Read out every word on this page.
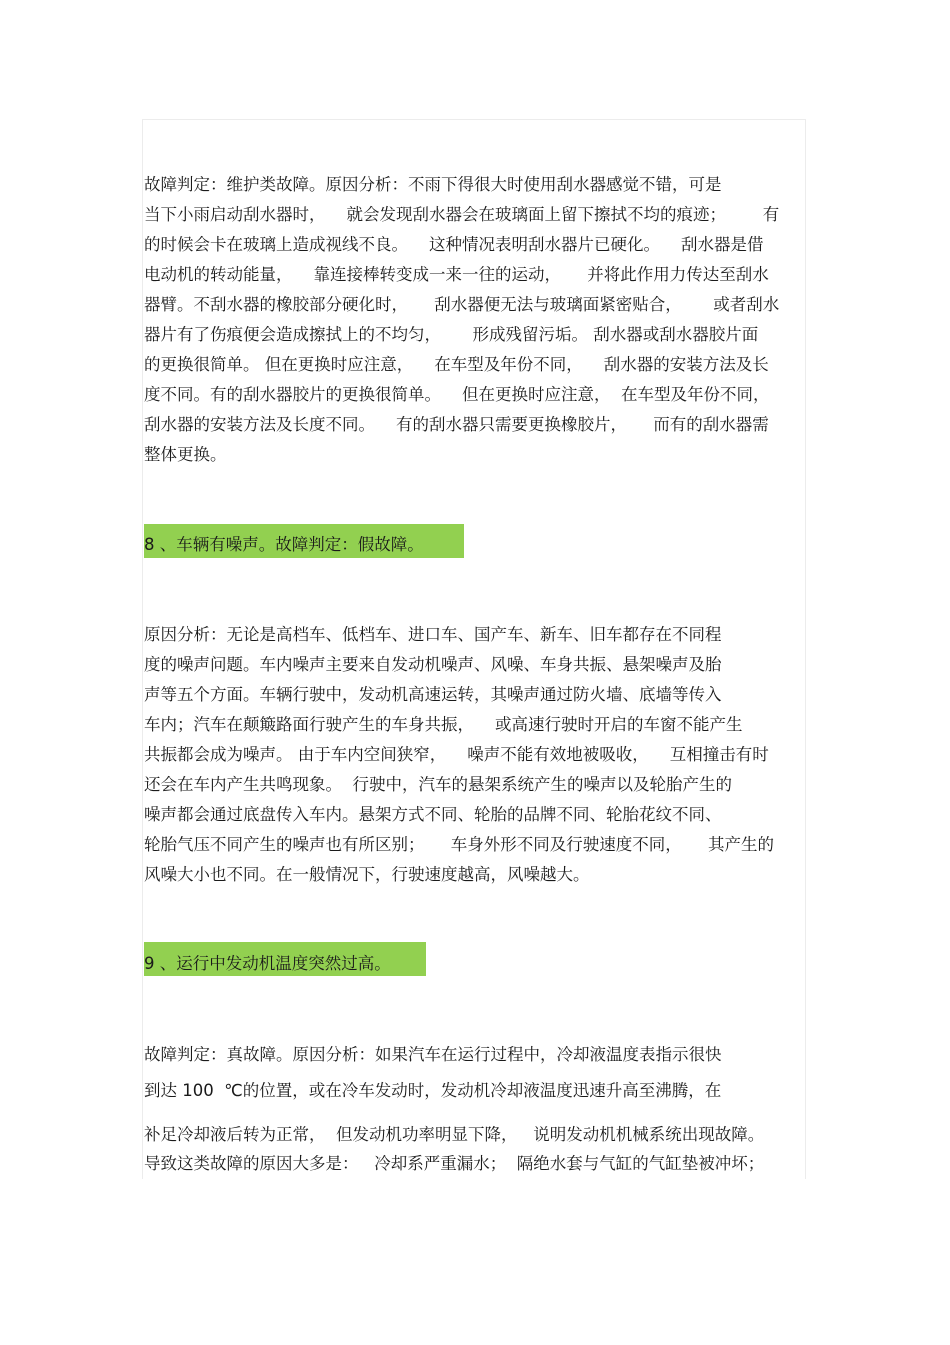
故障判定：维护类故障。原因分析：不雨下得很大时使用刮水器感觉不错，可是
当下小雨启动刮水器时，    就会发现刮水器会在玻璃面上留下擦拭不均的痕迹；       有
的时候会卡在玻璃上造成视线不良。    这种情况表明刮水器片已硬化。    刮水器是借
电动机的转动能量，    靠连接棒转变成一来一往的运动，     并将此作用力传达至刮水
器臂。不刮水器的橡胶部分硬化时，     刮水器便无法与玻璃面紧密贴合，      或者刮水
器片有了伤痕便会造成擦拭上的不均匀，      形成残留污垢。 刮水器或刮水器胶片面
的更换很简单。 但在更换时应注意，    在车型及年份不同，    刮水器的安装方法及长
度不同。有的刮水器胶片的更换很简单。    但在更换时应注意，  在车型及年份不同，
刮水器的安装方法及长度不同。    有的刮水器只需要更换橡胶片，     而有的刮水器需
整体更换。
8 、车辆有噪声。故障判定：假故障。
原因分析：无论是高档车、低档车、进口车、国产车、新车、旧车都存在不同程
度的噪声问题。车内噪声主要来自发动机噪声、风噪、车身共振、悬架噪声及胎
声等五个方面。车辆行驶中，发动机高速运转，其噪声通过防火墙、底墙等传入
车内；汽车在颠簸路面行驶产生的车身共振，    或高速行驶时开启的车窗不能产生
共振都会成为噪声。 由于车内空间狭窄，    噪声不能有效地被吸收，    互相撞击有时
还会在车内产生共鸣现象。  行驶中，汽车的悬架系统产生的噪声以及轮胎产生的
噪声都会通过底盘传入车内。悬架方式不同、轮胎的品牌不同、轮胎花纹不同、
轮胎气压不同产生的噪声也有所区别；     车身外形不同及行驶速度不同，     其产生的
风噪大小也不同。在一般情况下，行驶速度越高，风噪越大。
9 、运行中发动机温度突然过高。
故障判定：真故障。原因分析：如果汽车在运行过程中，冷却液温度表指示很快
到达 100  ℃的位置，或在冷车发动时，发动机冷却液温度迅速升高至沸腾，在
补足冷却液后转为正常，  但发动机功率明显下降，   说明发动机机械系统出现故障。
导致这类故障的原因大多是：   冷却系严重漏水；  隔绝水套与气缸的气缸垫被冲坏；
